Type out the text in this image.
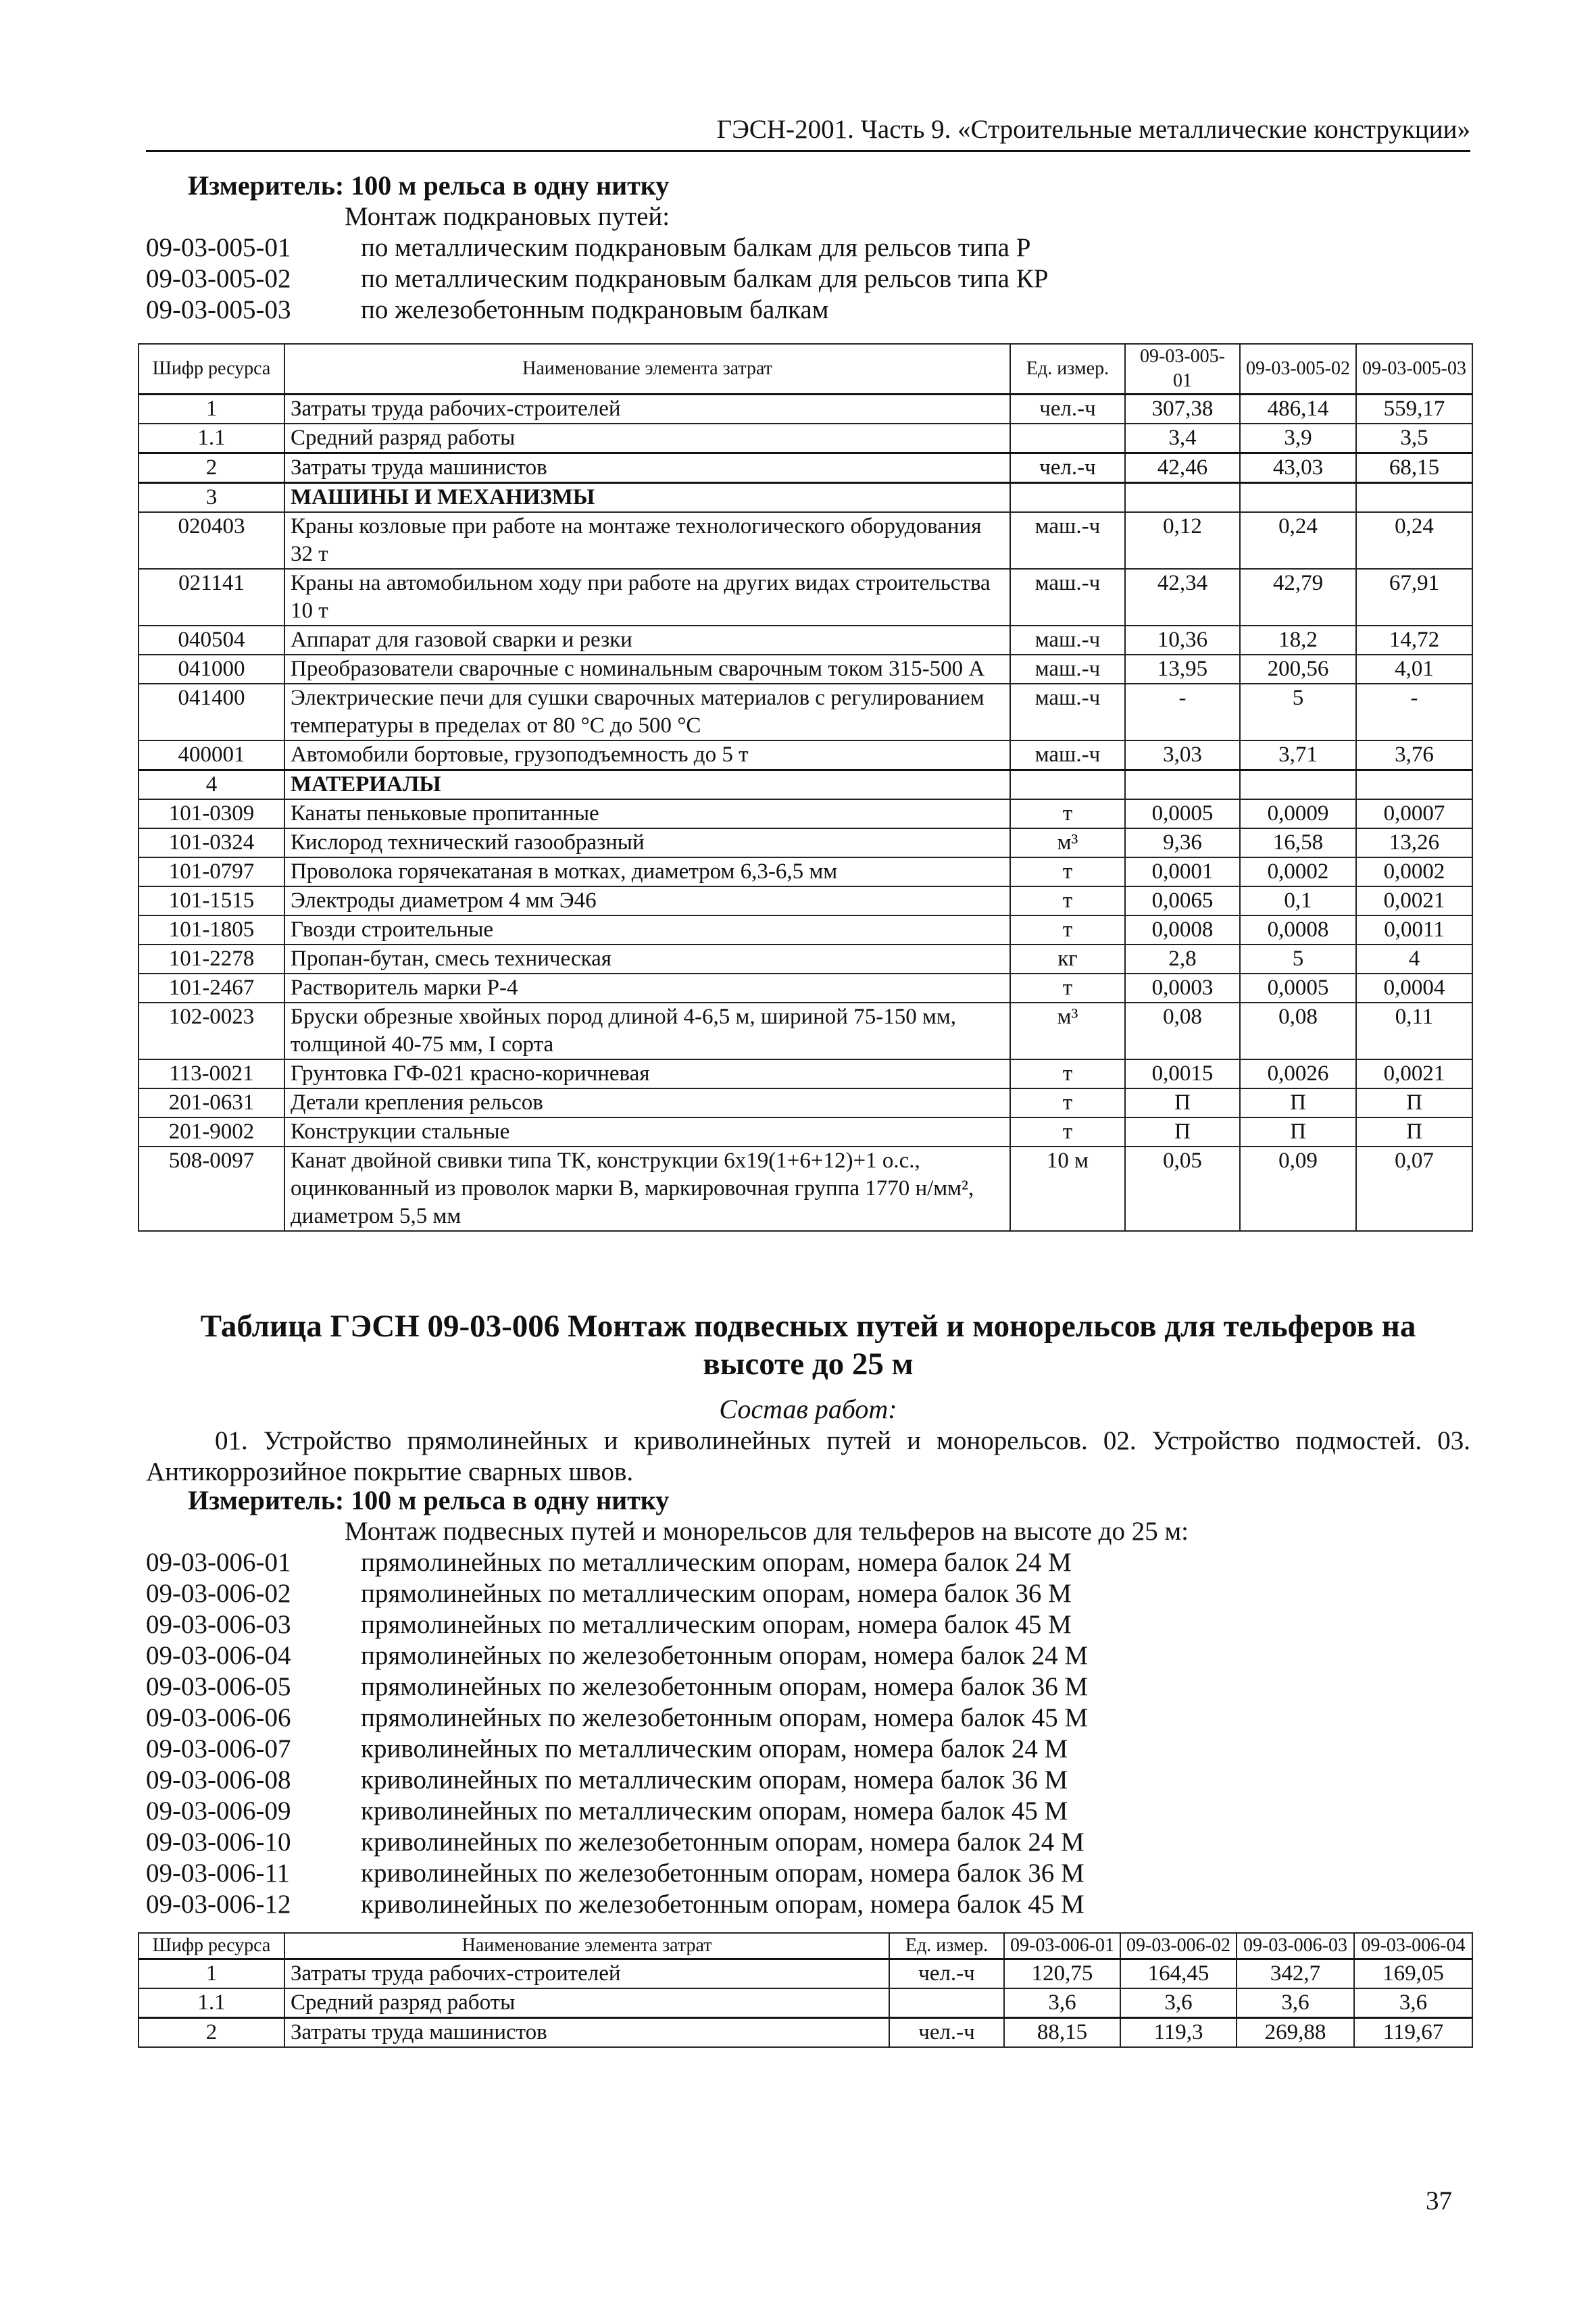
ГЭСН-2001. Часть 9. «Строительные металлические конструкции»
Измеритель: 100 м рельса в одну нитку
Монтаж подкрановых путей:
09-03-005-01	по металлическим подкрановым балкам для рельсов типа Р
09-03-005-02	по металлическим подкрановым балкам для рельсов типа КР
09-03-005-03	по железобетонным подкрановым балкам
Шифр ресурса	Наименование элемента затрат	Ед. измер.	09-03-005-01	09-03-005-02	09-03-005-03
1	Затраты труда рабочих-строителей	чел.-ч	307,38	486,14	559,17
1.1	Средний разряд работы		3,4	3,9	3,5
2	Затраты труда машинистов	чел.-ч	42,46	43,03	68,15
3	МАШИНЫ И МЕХАНИЗМЫ				
020403	Краны козловые при работе на монтаже технологического оборудования 32 т	маш.-ч	0,12	0,24	0,24
021141	Краны на автомобильном ходу при работе на других видах строительства 10 т	маш.-ч	42,34	42,79	67,91
040504	Аппарат для газовой сварки и резки	маш.-ч	10,36	18,2	14,72
041000	Преобразователи сварочные с номинальным сварочным током 315-500 А	маш.-ч	13,95	200,56	4,01
041400	Электрические печи для сушки сварочных материалов с регулированием температуры в пределах от 80 °С до 500 °С	маш.-ч	-	5	-
400001	Автомобили бортовые, грузоподъемность до 5 т	маш.-ч	3,03	3,71	3,76
4	МАТЕРИАЛЫ				
101-0309	Канаты пеньковые пропитанные	т	0,0005	0,0009	0,0007
101-0324	Кислород технический газообразный	м³	9,36	16,58	13,26
101-0797	Проволока горячекатаная в мотках, диаметром 6,3-6,5 мм	т	0,0001	0,0002	0,0002
101-1515	Электроды диаметром 4 мм Э46	т	0,0065	0,1	0,0021
101-1805	Гвозди строительные	т	0,0008	0,0008	0,0011
101-2278	Пропан-бутан, смесь техническая	кг	2,8	5	4
101-2467	Растворитель марки Р-4	т	0,0003	0,0005	0,0004
102-0023	Бруски обрезные хвойных пород длиной 4-6,5 м, шириной 75-150 мм, толщиной 40-75 мм, I сорта	м³	0,08	0,08	0,11
113-0021	Грунтовка ГФ-021 красно-коричневая	т	0,0015	0,0026	0,0021
201-0631	Детали крепления рельсов	т	П	П	П
201-9002	Конструкции стальные	т	П	П	П
508-0097	Канат двойной свивки типа ТК, конструкции 6х19(1+6+12)+1 о.с., оцинкованный из проволок марки В, маркировочная группа 1770 н/мм², диаметром 5,5 мм	10 м	0,05	0,09	0,07
Таблица ГЭСН 09-03-006 Монтаж подвесных путей и монорельсов для тельферов на
высоте до 25 м
Состав работ:
01. Устройство прямолинейных и криволинейных путей и монорельсов. 02. Устройство подмостей. 03. Антикоррозийное покрытие сварных швов.
Измеритель: 100 м рельса в одну нитку
Монтаж подвесных путей и монорельсов для тельферов на высоте до 25 м:
09-03-006-01	прямолинейных по металлическим опорам, номера балок 24 М
09-03-006-02	прямолинейных по металлическим опорам, номера балок 36 М
09-03-006-03	прямолинейных по металлическим опорам, номера балок 45 М
09-03-006-04	прямолинейных по железобетонным опорам, номера балок 24 М
09-03-006-05	прямолинейных по железобетонным опорам, номера балок 36 М
09-03-006-06	прямолинейных по железобетонным опорам, номера балок 45 М
09-03-006-07	криволинейных по металлическим опорам, номера балок 24 М
09-03-006-08	криволинейных по металлическим опорам, номера балок 36 М
09-03-006-09	криволинейных по металлическим опорам, номера балок 45 М
09-03-006-10	криволинейных по железобетонным опорам, номера балок 24 М
09-03-006-11	криволинейных по железобетонным опорам, номера балок 36 М
09-03-006-12	криволинейных по железобетонным опорам, номера балок 45 М
Шифр ресурса	Наименование элемента затрат	Ед. измер.	09-03-006-01	09-03-006-02	09-03-006-03	09-03-006-04
1	Затраты труда рабочих-строителей	чел.-ч	120,75	164,45	342,7	169,05
1.1	Средний разряд работы		3,6	3,6	3,6	3,6
2	Затраты труда машинистов	чел.-ч	88,15	119,3	269,88	119,67
37
